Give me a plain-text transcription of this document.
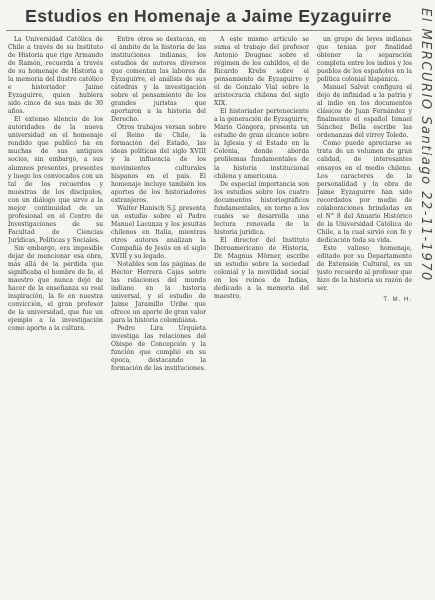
Estudios en Homenaje a Jaime Eyzaguirre

La Universidad Católica de Chile a través de su Instituto de Historia que rige Armando de Ramón, recuerda a través de su homenaje de Historia a la memoria del ilustre católico e historiador Jaime Eyzaguirre, quien hubiera sido cinco de sus más de 30 años.

El extenso silencio de los autoridades de la nueva universidad en el homenaje rendido que publicó ha en muchas de sus antiguos socios, sin embargo, a sus alumnos presentes, presentes y luego los convocados con un tal de los recuerdos y muestras de los discípulos, con un diálogo que sirve a la mejor continuidad de un profesional en el Centro de Investigaciones de su Facultad de Ciencias Jurídicas, Políticas y Sociales.

Sin embargo, era imposible dejar de mencionar esa obra, más allá de la pérdida que significaba el hombre de fe, el maestro que nunca dejó de hacer de la enseñanza su real inspiración, la fe en nuestra convicción, el gran profesor de la universidad, que fue un ejemplo a la investigación como aporte a la cultura.

Entre otros se destacan, en el ámbito de la historia de las instituciones indianas, los estudios de autores diversos que comentan las labores de Eyzaguirre, el análisis de sus cátedras y la investigación sobre el pensamiento de los grandes juristas que aportaron a la historia del Derecho.

Otros trabajos versan sobre el Reino de Chile, la formación del Estado, las ideas políticas del siglo XVIII y la influencia de los movimientos culturales hispanos en el país. El homenaje incluye también los aportes de los historiadores extranjeros.

Walter Hanisch S.J. presenta un estudio sobre el Padre Manuel Lacunza y los jesuitas chilenos en Italia, mientras otros autores analizan la Compañía de Jesús en el siglo XVIII y su legado.

Notables son las páginas de Héctor Herrera Cajas sobre las relaciones del mundo indiano en la historia universal, y el estudio de Jaime Jaramillo Uribe que ofrece un aporte de gran valor para la historia colombiana.

Pedro Lira Urquieta investiga las relaciones del Obispo de Concepción y la función que cumplió en su época, destacando la formación de las instituciones.

A este mismo artículo se suma el trabajo del profesor Antonio Dougnac sobre el régimen de los cabildos, el de Ricardo Krebs sobre el pensamiento de Eyzaguirre y el de Gonzalo Vial sobre la aristocracia chilena del siglo XIX.

El historiador perteneciente a la generación de Eyzaguirre, Mario Góngora, presenta un estudio de gran alcance sobre la Iglesia y el Estado en la Colonia, donde aborda problemas fundamentales de la historia institucional chilena y americana.

De especial importancia son los estudios sobre los cuatro documentos historiográficos fundamentales, en torno a los cuales se desarrolla una lectura renovada de la historia jurídica.

El director del Instituto Iberoamericano de Historia, Dr. Magnus Mörner, escribe un estudio sobre la sociedad colonial y la movilidad social en los reinos de Indias, dedicado a la memoria del maestro.

un grupo de leyes indianas que tenían por finalidad obtener la separación completa entre los indios y los pueblos de los españoles en la política colonial hispánica.

Manuel Salvat configura el dejo de infinidad a la patria y al indio en los documentos clásicos de Juan Fernández y finalmente el español Ismael Sánchez Bella escribe las ordenanzas del virrey Toledo.

Como puede apreciarse se trata de un volumen de gran calidad, de interesantes ensayos en el medio chileno. Los caracteres de la personalidad y la obra de Jaime Eyzaguirre han sido recordados por medio de colaboraciones brindadas en el N° 8 del Anuario Histórico de la Universidad Católica de Chile, a la cual sirvió con fe y dedicación toda su vida.

Este valioso homenaje, editado por su Departamento de Extensión Cultural, es un justo recuerdo al profesor que hizo de la historia su razón de ser.

T. M. H.
El MERCURIO Santiago 22-11-1970
